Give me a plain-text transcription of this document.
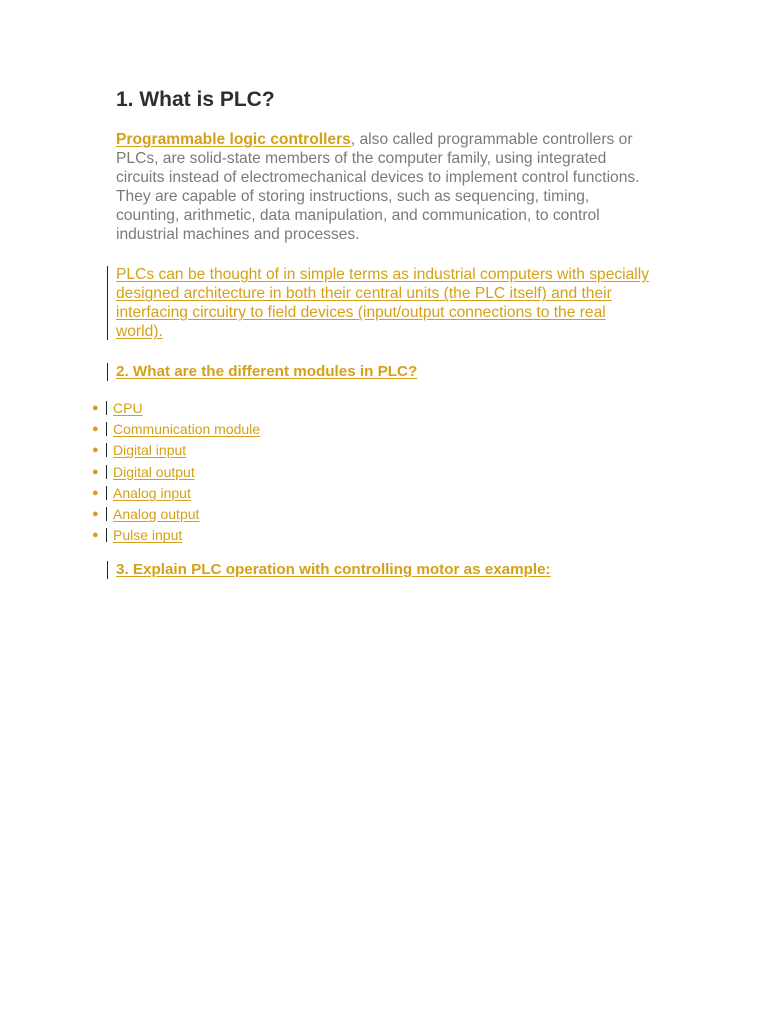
1. What is PLC?

Programmable logic controllers, also called programmable controllers or PLCs, are solid-state members of the computer family, using integrated circuits instead of electromechanical devices to implement control functions. They are capable of storing instructions, such as sequencing, timing, counting, arithmetic, data manipulation, and communication, to control industrial machines and processes.

PLCs can be thought of in simple terms as industrial computers with specially designed architecture in both their central units (the PLC itself) and their interfacing circuitry to field devices (input/output connections to the real world).

2. What are the different modules in PLC?
● CPU
● Communication module
● Digital input
● Digital output
● Analog input
● Analog output
● Pulse input
3. Explain PLC operation with controlling motor as example:
